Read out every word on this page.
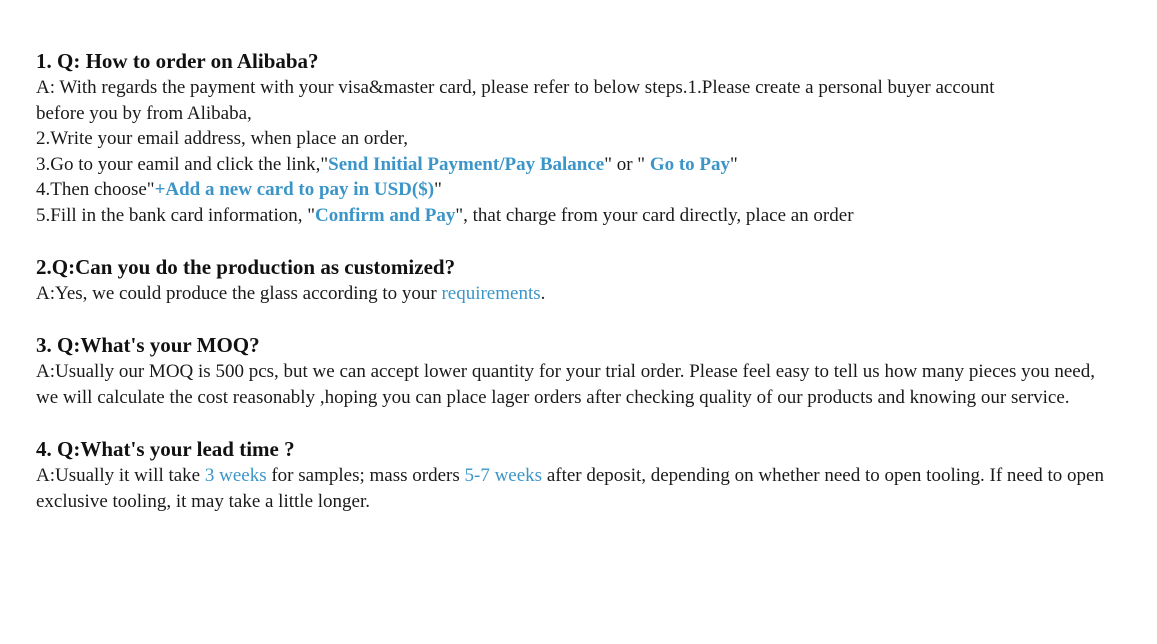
1. Q: How to order on Alibaba?

A: With regards the payment with your visa&master card, please refer to below steps.1.Please create a personal buyer account

before you by from Alibaba,

2.Write your email address, when place an order,

3.Go to your eamil and click the link,"Send Initial Payment/Pay Balance" or " Go to Pay"

4.Then choose"+Add a new card to pay in USD($)"

5.Fill in the bank card information, "Confirm and Pay", that charge from your card directly, place an order

2.Q:Can you do the production as customized?

A:Yes, we could produce the glass according to your requirements.

3. Q:What's your MOQ?

A:Usually our MOQ is 500 pcs, but we can accept lower quantity for your trial order. Please feel easy to tell us how many pieces you need, we will calculate the cost reasonably ,hoping you can place lager orders after checking quality of our products and knowing our service.

4. Q:What's your lead time ?

A:Usually it will take 3 weeks for samples; mass orders 5-7 weeks after deposit, depending on whether need to open tooling. If need to open exclusive tooling, it may take a little longer.
